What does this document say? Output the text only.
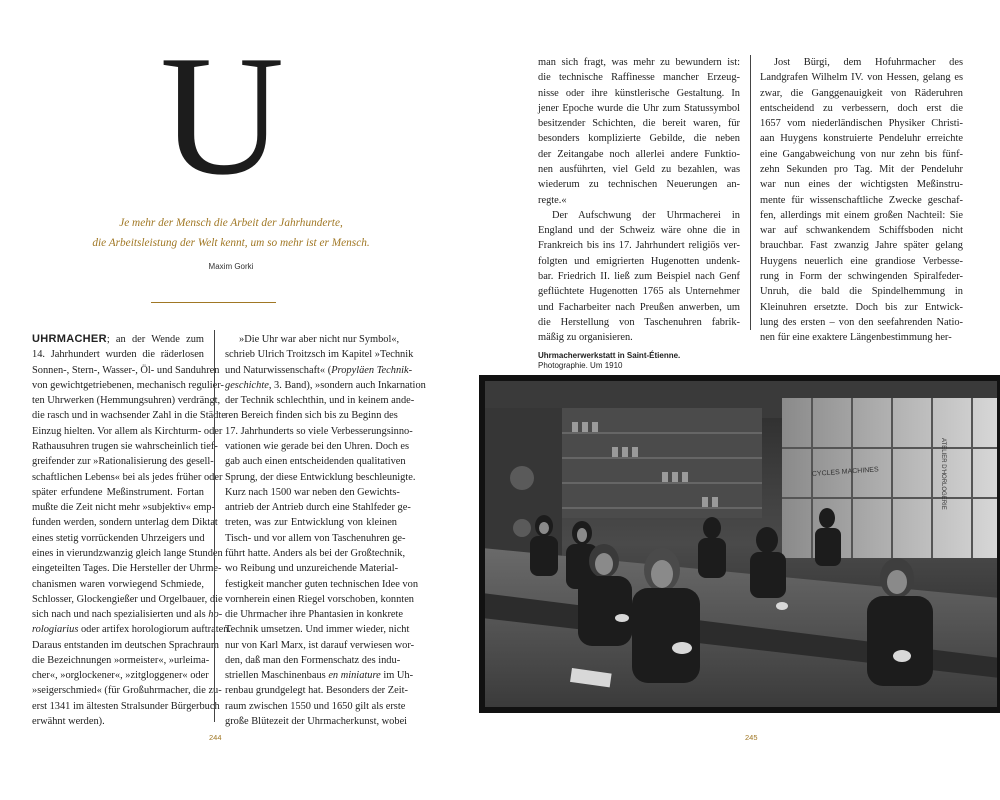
U
Je mehr der Mensch die Arbeit der Jahrhunderte,
die Arbeitsleistung der Welt kennt, um so mehr ist er Mensch.
Maxim Gorki
UHRMACHER; an der Wende zum
14. Jahrhundert wurden die räderlosen
Sonnen-, Stern-, Wasser-, Öl- und Sanduhren
von gewichtgetriebenen, mechanisch regulier-
ten Uhrwerken (Hemmungsuhren) verdrängt,
die rasch und in wachsender Zahl in die Städte
Einzug hielten. Vor allem als Kirchturm- oder
Rathausuhren trugen sie wahrscheinlich tief-
greifender zur »Rationalisierung des gesell-
schaftlichen Lebens« bei als jedes früher oder
später erfundene Meßinstrument. Fortan
mußte die Zeit nicht mehr »subjektiv« emp-
funden werden, sondern unterlag dem Diktat
eines stetig vorrückenden Uhrzeigers und
eines in vierundzwanzig gleich lange Stunden
eingeteilten Tages. Die Hersteller der Uhrme-
chanismen waren vorwiegend Schmiede,
Schlosser, Glockengießer und Orgelbauer, die
sich nach und nach spezialisierten und als ho-
rologiarius oder artifex horologiorum auftraten.
Daraus entstanden im deutschen Sprachraum
die Bezeichnungen »ormeister«, »urleima-
cher«, »orglockener«, »zitgloggener« oder
»seigerschmied« (für Großuhrmacher, die zu-
erst 1341 im ältesten Stralsunder Bürgerbuch
erwähnt werden).
»Die Uhr war aber nicht nur Symbol«,
schrieb Ulrich Troitzsch im Kapitel »Technik
und Naturwissenschaft« (Propyläen Technik-
geschichte, 3. Band), »sondern auch Inkarnation
der Technik schlechthin, und in keinem ande-
ren Bereich finden sich bis zu Beginn des
17. Jahrhunderts so viele Verbesserungsinno-
vationen wie gerade bei den Uhren. Doch es
gab auch einen entscheidenden qualitativen
Sprung, der diese Entwicklung beschleunigte.
Kurz nach 1500 war neben den Gewichts-
antrieb der Antrieb durch eine Stahlfeder ge-
treten, was zur Entwicklung von kleinen
Tisch- und vor allem von Taschenuhren ge-
führt hatte. Anders als bei der Großtechnik,
wo Reibung und unzureichende Material-
festigkeit mancher guten technischen Idee von
vornherein einen Riegel vorschoben, konnten
die Uhrmacher ihre Phantasien in konkrete
Technik umsetzen. Und immer wieder, nicht
nur von Karl Marx, ist darauf verwiesen wor-
den, daß man den Formenschatz des indu-
striellen Maschinenbaus en miniature im Uh-
renbau grundgelegt hat. Besonders der Zeit-
raum zwischen 1550 und 1650 gilt als erste
große Blütezeit der Uhrmacherkunst, wobei
244
man sich fragt, was mehr zu bewundern ist:
die technische Raffinesse mancher Erzeug-
nisse oder ihre künstlerische Gestaltung. In
jener Epoche wurde die Uhr zum Statussymbol
besitzender Schichten, die bereit waren, für
besonders komplizierte Gebilde, die neben
der Zeitangabe noch allerlei andere Funktio-
nen ausführten, viel Geld zu bezahlen, was
wiederum zu technischen Neuerungen an-
regte.«
Der Aufschwung der Uhrmacherei in
England und der Schweiz wäre ohne die in
Frankreich bis ins 17. Jahrhundert religiös ver-
folgten und emigrierten Hugenotten undenk-
bar. Friedrich II. ließ zum Beispiel nach Genf
geflüchtete Hugenotten 1765 als Unternehmer
und Facharbeiter nach Preußen anwerben, um
die Herstellung von Taschenuhren fabrik-
mäßig zu organisieren.
Jost Bürgi, dem Hofuhrmacher des
Landgrafen Wilhelm IV. von Hessen, gelang es
zwar, die Ganggenauigkeit von Räderuhren
entscheidend zu verbessern, doch erst die
1657 vom niederländischen Physiker Christi-
aan Huygens konstruierte Pendeluhr erreichte
eine Gangabweichung von nur zehn bis fünf-
zehn Sekunden pro Tag. Mit der Pendeluhr
war nun eines der wichtigsten Meßinstru-
mente für wissenschaftliche Zwecke geschaf-
fen, allerdings mit einem großen Nachteil: Sie
war auf schwankendem Schiffsboden nicht
brauchbar. Fast zwanzig Jahre später gelang
Huygens neuerlich eine grandiose Verbesse-
rung in Form der schwingenden Spiralfeder-
Unruh, die bald die Spindelhemmung in
Kleinuhren ersetzte. Doch bis zur Entwick-
lung des ersten – von den seefahrenden Natio-
nen für eine exaktere Längenbestimmung her-
Uhrmacherwerkstatt in Saint-Étienne.
Photographie. Um 1910
CYCLES MACHINES	ATELIER D'HORLOGERIE
245
